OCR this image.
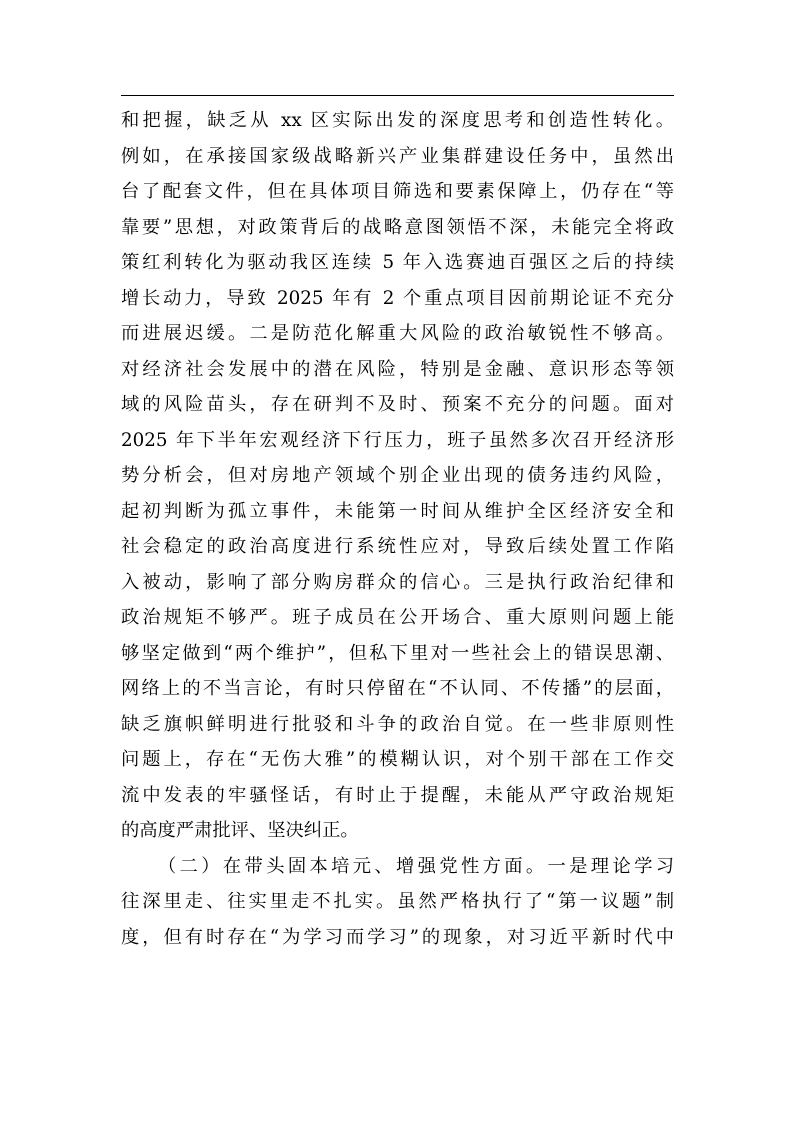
和把握，缺乏从 xx 区实际出发的深度思考和创造性转化。
例如，在承接国家级战略新兴产业集群建设任务中，虽然出
台了配套文件，但在具体项目筛选和要素保障上，仍存在“等
靠要”思想，对政策背后的战略意图领悟不深，未能完全将政
策红利转化为驱动我区连续 5 年入选赛迪百强区之后的持续
增长动力，导致 2025 年有 2 个重点项目因前期论证不充分
而进展迟缓。二是防范化解重大风险的政治敏锐性不够高。
对经济社会发展中的潜在风险，特别是金融、意识形态等领
域的风险苗头，存在研判不及时、预案不充分的问题。面对
2025 年下半年宏观经济下行压力，班子虽然多次召开经济形
势分析会，但对房地产领域个别企业出现的债务违约风险，
起初判断为孤立事件，未能第一时间从维护全区经济安全和
社会稳定的政治高度进行系统性应对，导致后续处置工作陷
入被动，影响了部分购房群众的信心。三是执行政治纪律和
政治规矩不够严。班子成员在公开场合、重大原则问题上能
够坚定做到“两个维护”，但私下里对一些社会上的错误思潮、
网络上的不当言论，有时只停留在“不认同、不传播”的层面，
缺乏旗帜鲜明进行批驳和斗争的政治自觉。在一些非原则性
问题上，存在“无伤大雅”的模糊认识，对个别干部在工作交
流中发表的牢骚怪话，有时止于提醒，未能从严守政治规矩
的高度严肃批评、坚决纠正。
（二）在带头固本培元、增强党性方面。一是理论学习
往深里走、往实里走不扎实。虽然严格执行了“第一议题”制
度，但有时存在“为学习而学习”的现象，对习近平新时代中
